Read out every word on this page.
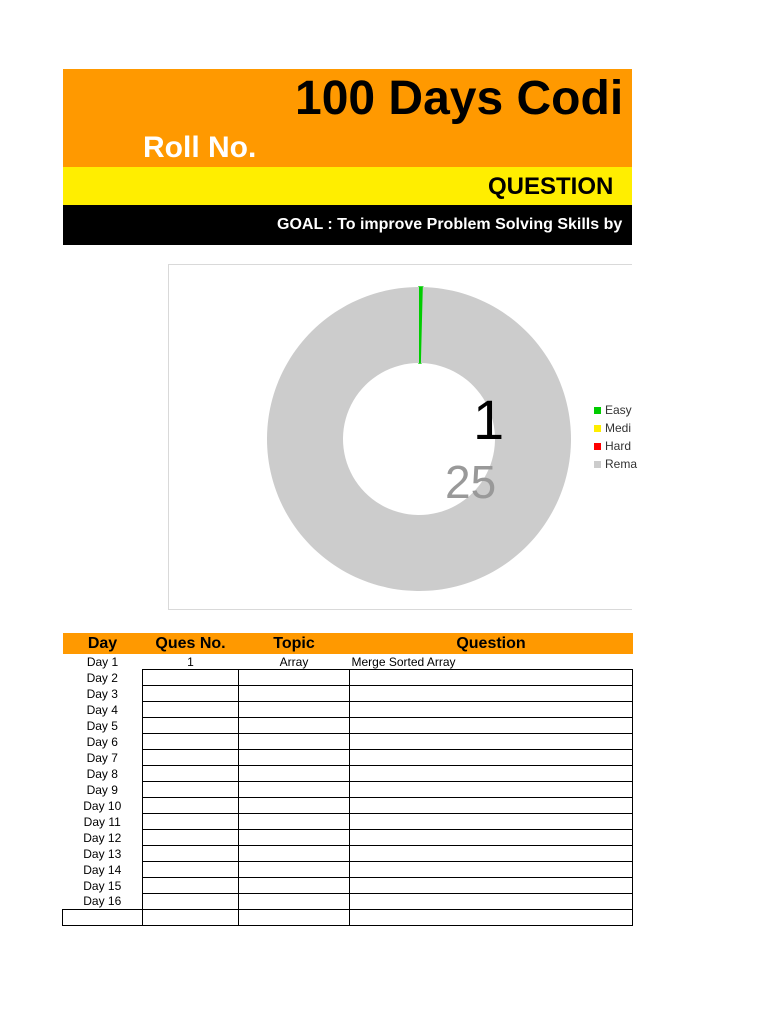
100 Days Codi
Roll No.
QUESTION
GOAL : To improve Problem Solving Skills by
1
25
Easy
Medi
Hard
Rema
Day	Ques No.	Topic	Question
Day 1	1	Array	Merge Sorted Array
Day 2			
Day 3			
Day 4			
Day 5			
Day 6			
Day 7			
Day 8			
Day 9			
Day 10			
Day 11			
Day 12			
Day 13			
Day 14			
Day 15			
Day 16			
